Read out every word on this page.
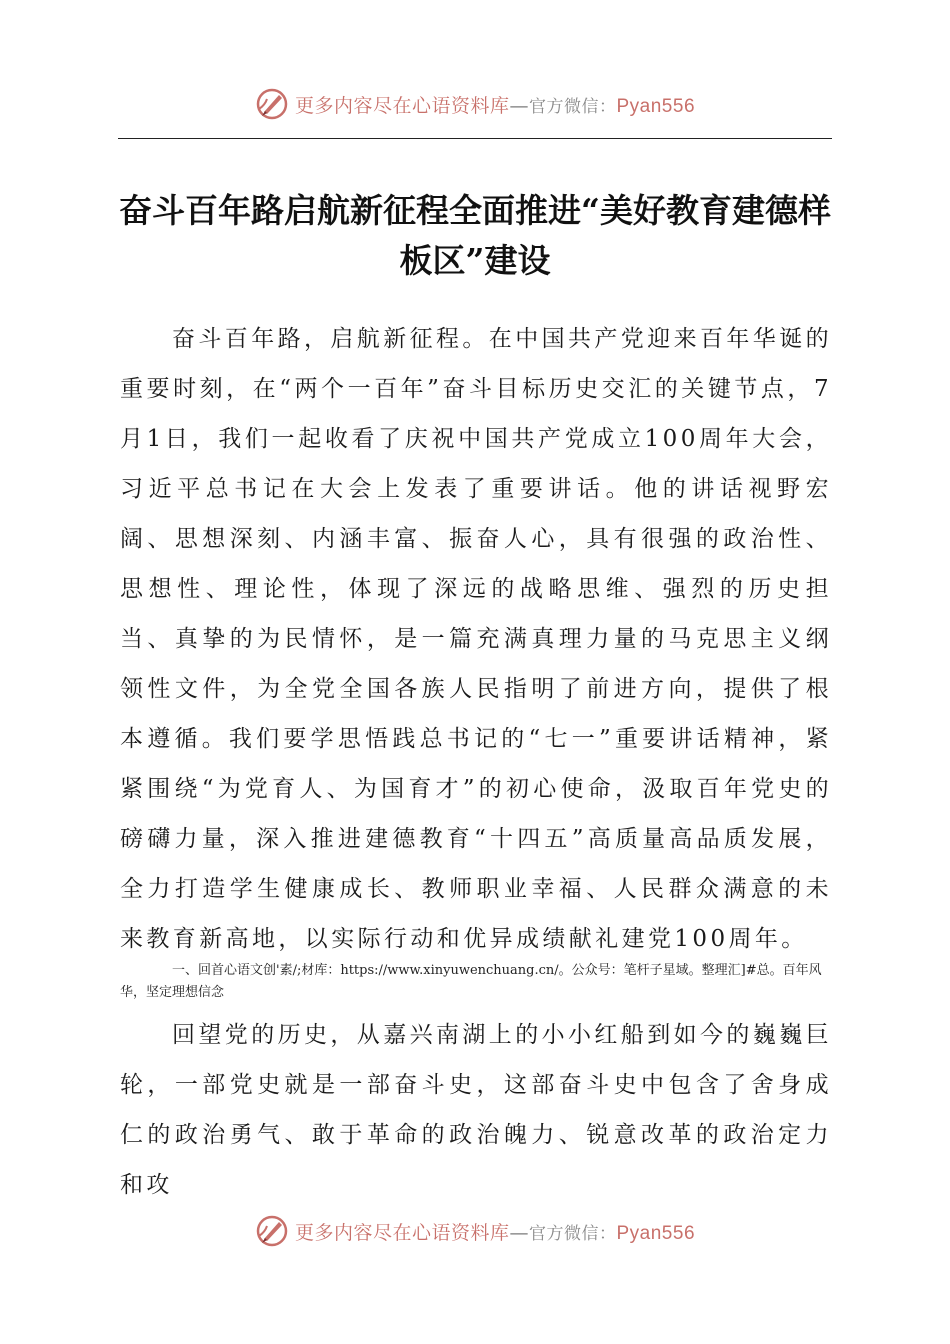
更多内容尽在心语资料库—官方微信：Pyan556
奋斗百年路启航新征程全面推进“美好教育建德样板区”建设

奋斗百年路，启航新征程。在中国共产党迎来百年华诞的重要时刻，在“两个一百年”奋斗目标历史交汇的关键节点，7月1日，我们一起收看了庆祝中国共产党成立100周年大会，习近平总书记在大会上发表了重要讲话。他的讲话视野宏阔、思想深刻、内涵丰富、振奋人心，具有很强的政治性、思想性、理论性，体现了深远的战略思维、强烈的历史担当、真挚的为民情怀，是一篇充满真理力量的马克思主义纲领性文件，为全党全国各族人民指明了前进方向，提供了根本遵循。我们要学思悟践总书记的“七一”重要讲话精神，紧紧围绕“为党育人、为国育才”的初心使命，汲取百年党史的磅礴力量，深入推进建德教育“十四五”高质量高品质发展，全力打造学生健康成长、教师职业幸福、人民群众满意的未来教育新高地，以实际行动和优异成绩献礼建党100周年。

一、回首心语文创'素/;材库：https://www.xinyuwenchuang.cn/。公众号：笔杆子星域。整理汇]#总。百年风华，坚定理想信念

回望党的历史，从嘉兴南湖上的小小红船到如今的巍巍巨轮，一部党史就是一部奋斗史，这部奋斗史中包含了舍身成仁的政治勇气、敢于革命的政治魄力、锐意改革的政治定力和攻

更多内容尽在心语资料库—官方微信：Pyan556
